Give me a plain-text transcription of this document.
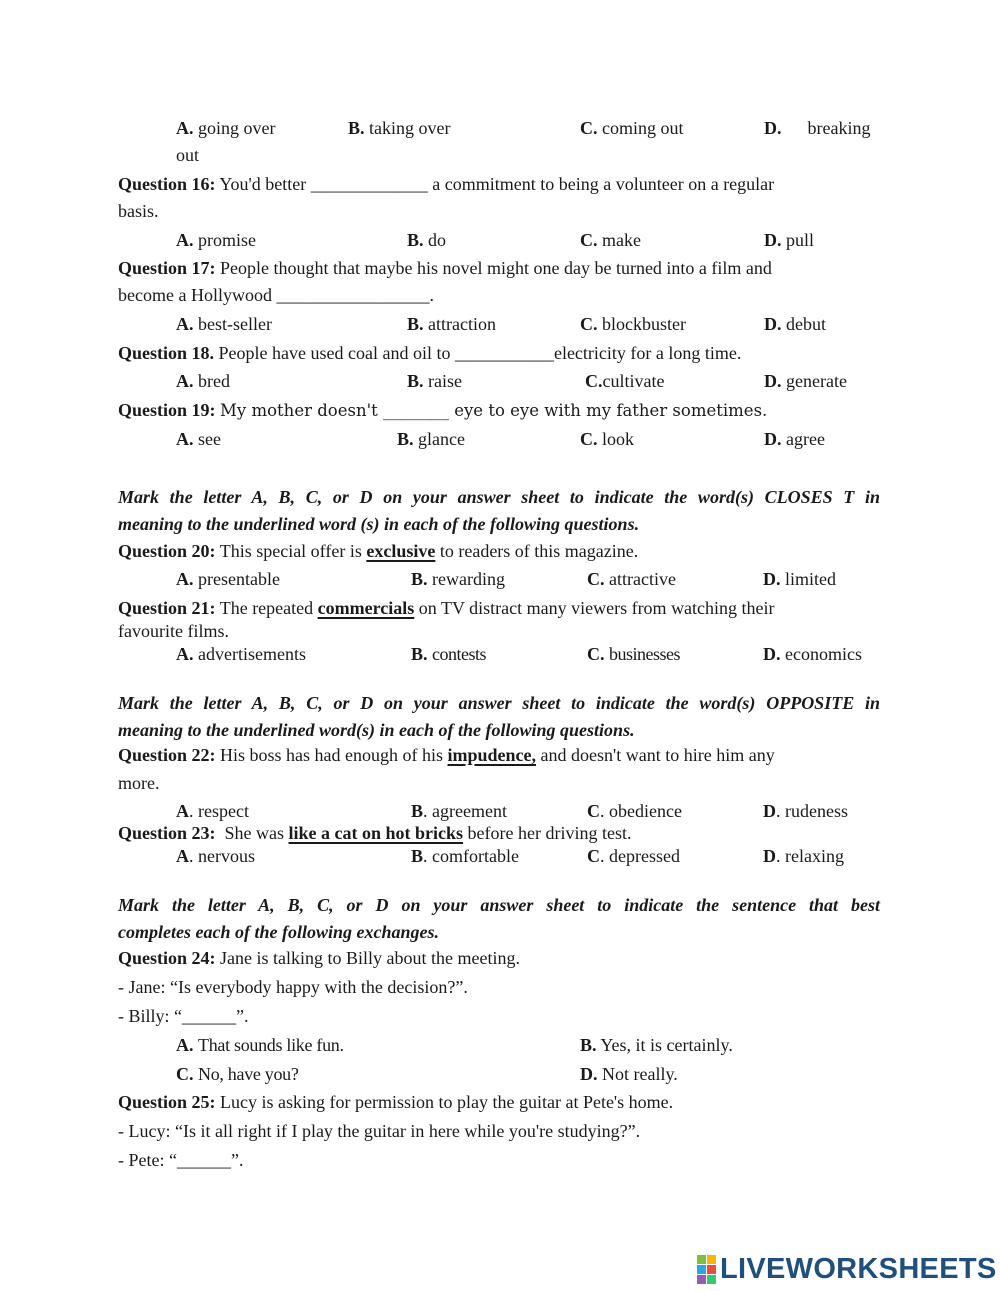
A. going over	B. taking over	C. coming out	D. breaking
out
Question 16: You'd better _____________ a commitment to being a volunteer on a regular
basis.
A. promise	B. do	C. make	D. pull
Question 17: People thought that maybe his novel might one day be turned into a film and
become a Hollywood _________________.
A. best-seller	B. attraction	C. blockbuster	D. debut
Question 18. People have used coal and oil to ___________electricity for a long time.
A. bred	B. raise	C.cultivate	D. generate
Question 19: My mother doesn't ________ eye to eye with my father sometimes.
A. see	B. glance	C. look	D. agree
Mark the letter A, B, C, or D on your answer sheet to indicate the word(s) CLOSES T in
meaning to the underlined word (s) in each of the following questions.
Question 20: This special offer is exclusive to readers of this magazine.
A. presentable	B. rewarding	C. attractive	D. limited
Question 21: The repeated commercials on TV distract many viewers from watching their
favourite films.
A. advertisements	B. contests	C. businesses	D. economics
Mark the letter A, B, C, or D on your answer sheet to indicate the word(s) OPPOSITE in
meaning to the underlined word(s) in each of the following questions.
Question 22: His boss has had enough of his impudence, and doesn't want to hire him any
more.
A. respect	B. agreement	C. obedience	D. rudeness
Question 23: She was like a cat on hot bricks before her driving test.
A. nervous	B. comfortable	C. depressed	D. relaxing
Mark the letter A, B, C, or D on your answer sheet to indicate the sentence that best
completes each of the following exchanges.
Question 24: Jane is talking to Billy about the meeting.
- Jane: “Is everybody happy with the decision?”.
- Billy: “______”.
A. That sounds like fun.	B. Yes, it is certainly.
C. No, have you?	D. Not really.
Question 25: Lucy is asking for permission to play the guitar at Pete's home.
- Lucy: “Is it all right if I play the guitar in here while you're studying?”.
- Pete: “______”.
LIVEWORKSHEETS
